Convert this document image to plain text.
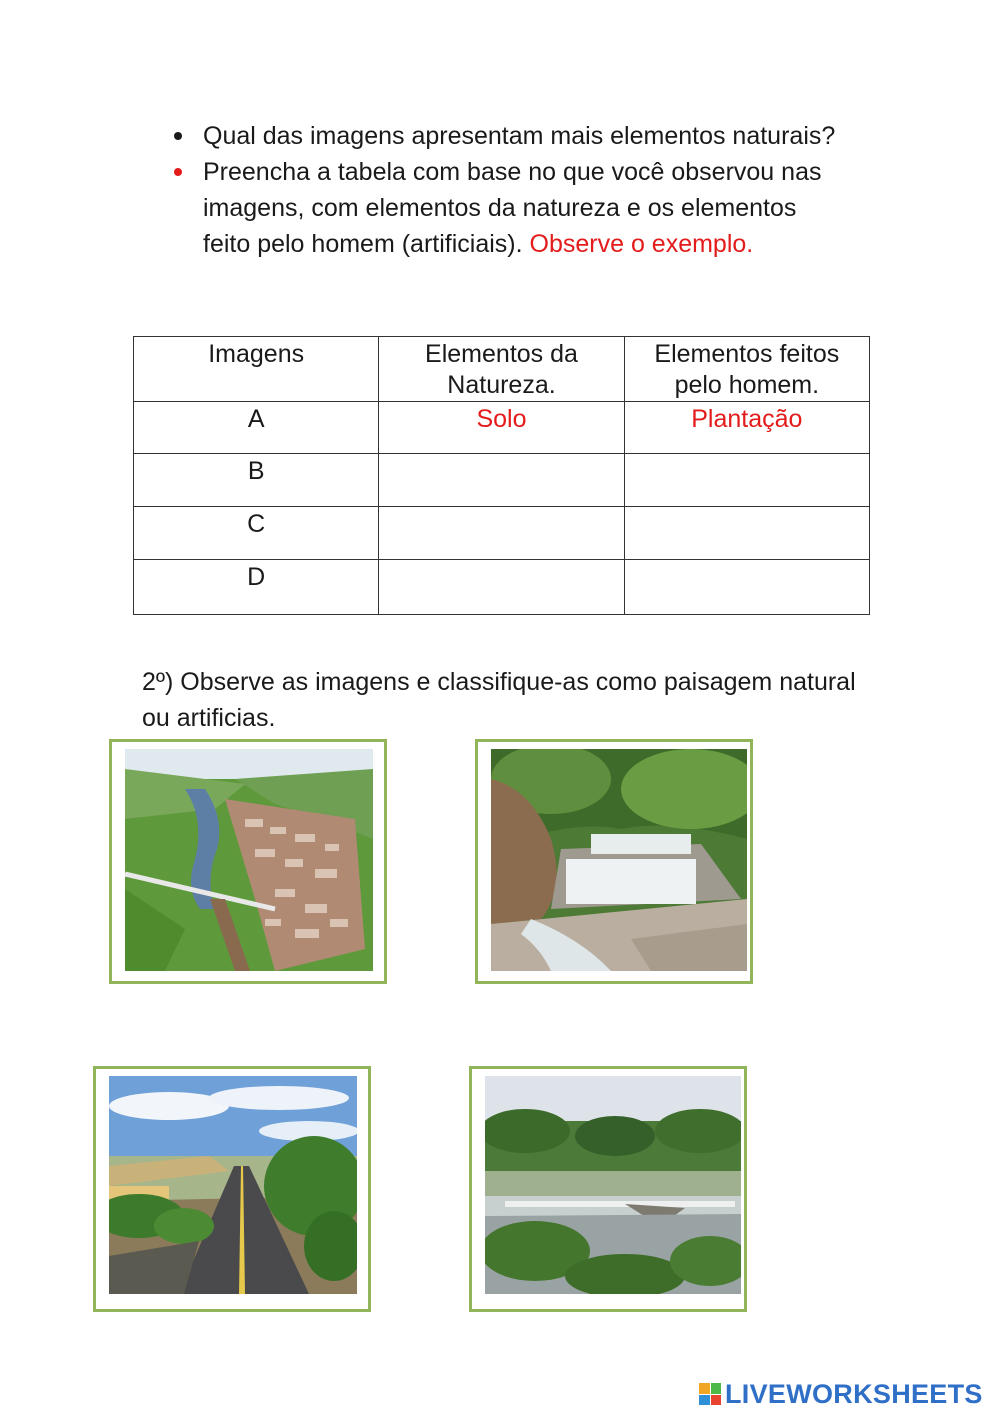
Qual das imagens apresentam mais elementos naturais?
Preencha a tabela com base no que você observou nas imagens, com elementos da natureza e os elementos feito pelo homem (artificiais). Observe o exemplo.
Imagens	Elementos da Natureza.	Elementos feitos pelo homem.
A	Solo	Plantação
B		
C		
D		

2º) Observe as imagens e classifique-as como paisagem natural ou artificias.

LIVEWORKSHEETS
